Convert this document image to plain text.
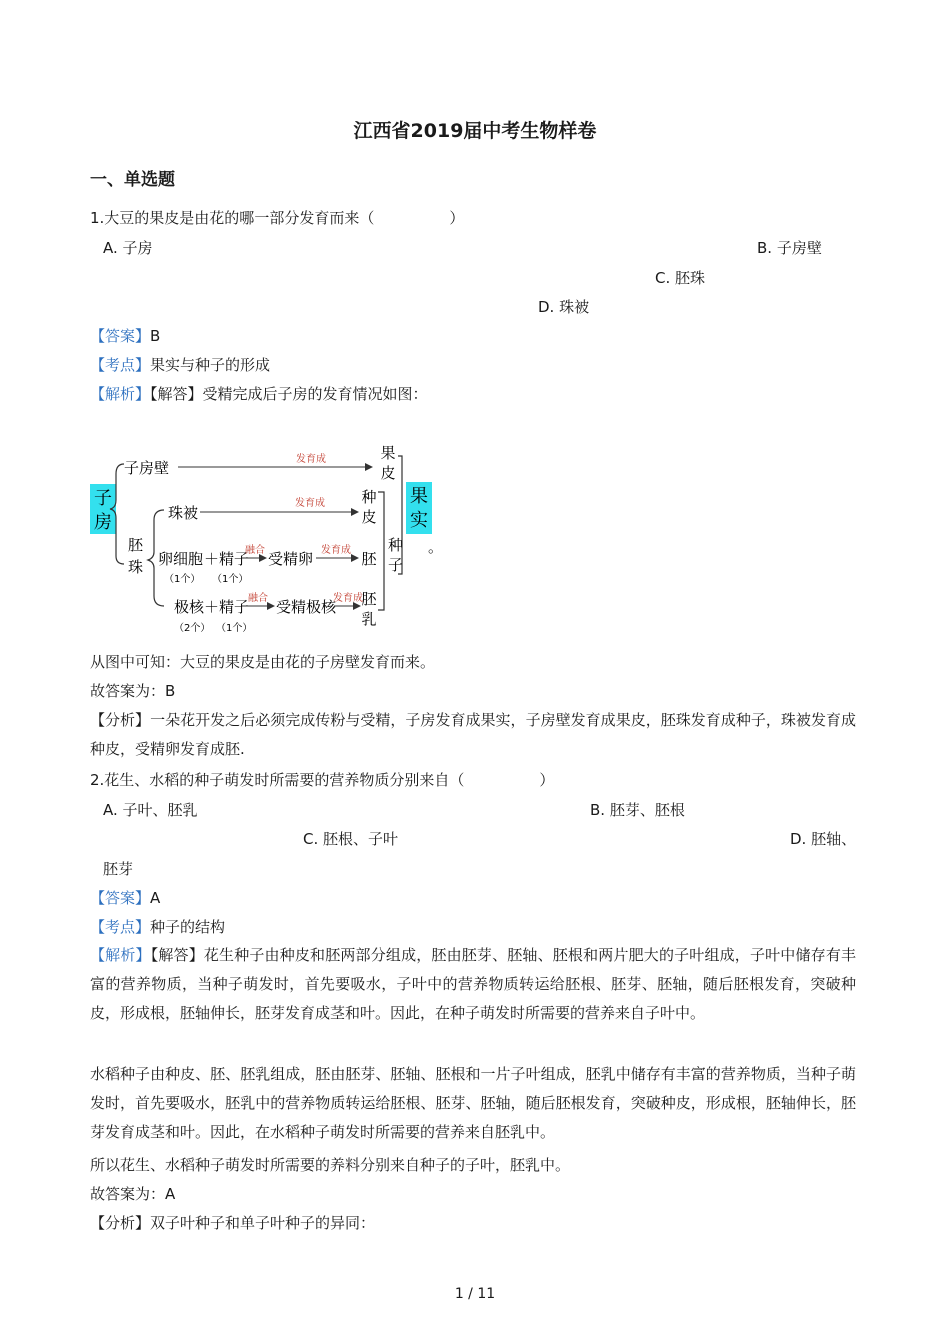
江西省2019届中考生物样卷
一、单选题
1.大豆的果皮是由花的哪一部分发育而来（　　　　　）
A. 子房	B. 子房壁
C. 胚珠
D. 珠被
【答案】B
【考点】果实与种子的形成
【解析】【解答】受精完成后子房的发育情况如图：
子
房
果
实
子房壁	发育成	果
皮
胚
珠
珠被
发育成 种
皮
卵细胞 ＋精子
（1个） （1个）
融合 受精卵 发育成 胚
极核 ＋精子
（2个） （1个）
融合 受精极核
发育成
胚
乳
种
子
。
从图中可知：大豆的果皮是由花的子房壁发育而来。
故答案为：B
【分析】一朵花开发之后必须完成传粉与受精，子房发育成果实，子房壁发育成果皮，胚珠发育成种子，珠被发育成种皮，受精卵发育成胚.
2.花生、水稻的种子萌发时所需要的营养物质分别来自（　　　　　）
A. 子叶、胚乳	B. 胚芽、胚根
C. 胚根、子叶	D. 胚轴、
胚芽
【答案】A
【考点】种子的结构
【解析】【解答】花生种子由种皮和胚两部分组成，胚由胚芽、胚轴、胚根和两片肥大的子叶组成，子叶中储存有丰富的营养物质，当种子萌发时，首先要吸水，子叶中的营养物质转运给胚根、胚芽、胚轴，随后胚根发育，突破种皮，形成根，胚轴伸长，胚芽发育成茎和叶。因此，在种子萌发时所需要的营养来自子叶中。
水稻种子由种皮、胚、胚乳组成，胚由胚芽、胚轴、胚根和一片子叶组成，胚乳中储存有丰富的营养物质，当种子萌发时，首先要吸水，胚乳中的营养物质转运给胚根、胚芽、胚轴，随后胚根发育，突破种皮，形成根，胚轴伸长，胚芽发育成茎和叶。因此，在水稻种子萌发时所需要的营养来自胚乳中。
所以花生、水稻种子萌发时所需要的养料分别来自种子的子叶，胚乳中。
故答案为：A
【分析】双子叶种子和单子叶种子的异同：
1 / 11
